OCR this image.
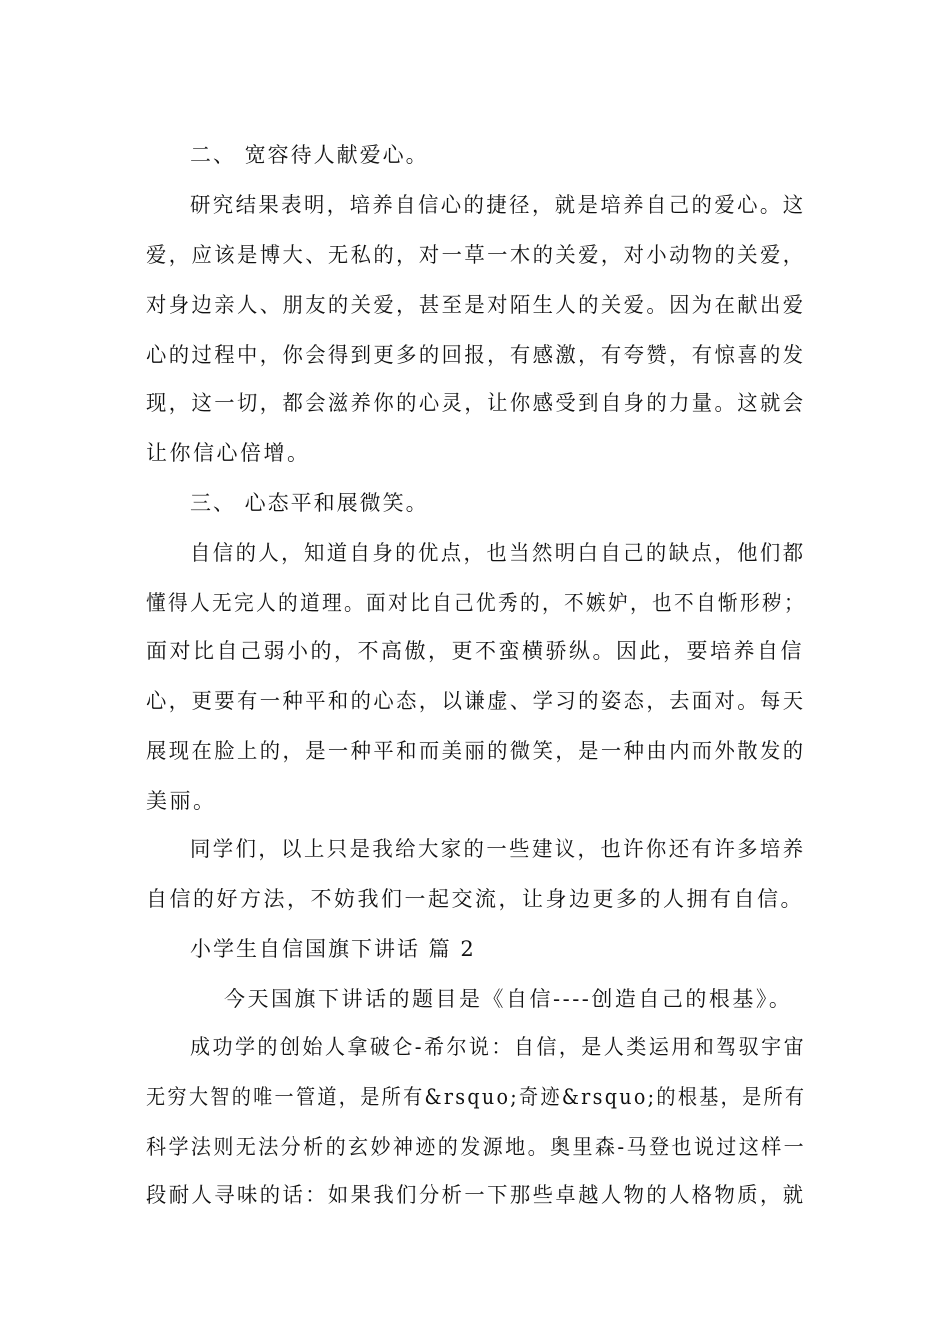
二、 宽容待人献爱心。
研究结果表明，培养自信心的捷径，就是培养自己的爱心。这
爱，应该是博大、无私的，对一草一木的关爱，对小动物的关爱，
对身边亲人、朋友的关爱，甚至是对陌生人的关爱。因为在献出爱
心的过程中，你会得到更多的回报，有感激，有夸赞，有惊喜的发
现，这一切，都会滋养你的心灵，让你感受到自身的力量。这就会
让你信心倍增。
三、 心态平和展微笑。
自信的人，知道自身的优点，也当然明白自己的缺点，他们都
懂得人无完人的道理。面对比自己优秀的，不嫉妒，也不自惭形秽；
面对比自己弱小的，不高傲，更不蛮横骄纵。因此，要培养自信
心，更要有一种平和的心态，以谦虚、学习的姿态，去面对。每天
展现在脸上的，是一种平和而美丽的微笑，是一种由内而外散发的
美丽。
同学们，以上只是我给大家的一些建议，也许你还有许多培养
自信的好方法，不妨我们一起交流，让身边更多的人拥有自信。
小学生自信国旗下讲话 篇 2
今天国旗下讲话的题目是《自信----创造自己的根基》。
成功学的创始人拿破仑-希尔说：自信，是人类运用和驾驭宇宙
无穷大智的唯一管道，是所有&rsquo;奇迹&rsquo;的根基，是所有
科学法则无法分析的玄妙神迹的发源地。奥里森-马登也说过这样一
段耐人寻味的话：如果我们分析一下那些卓越人物的人格物质，就
